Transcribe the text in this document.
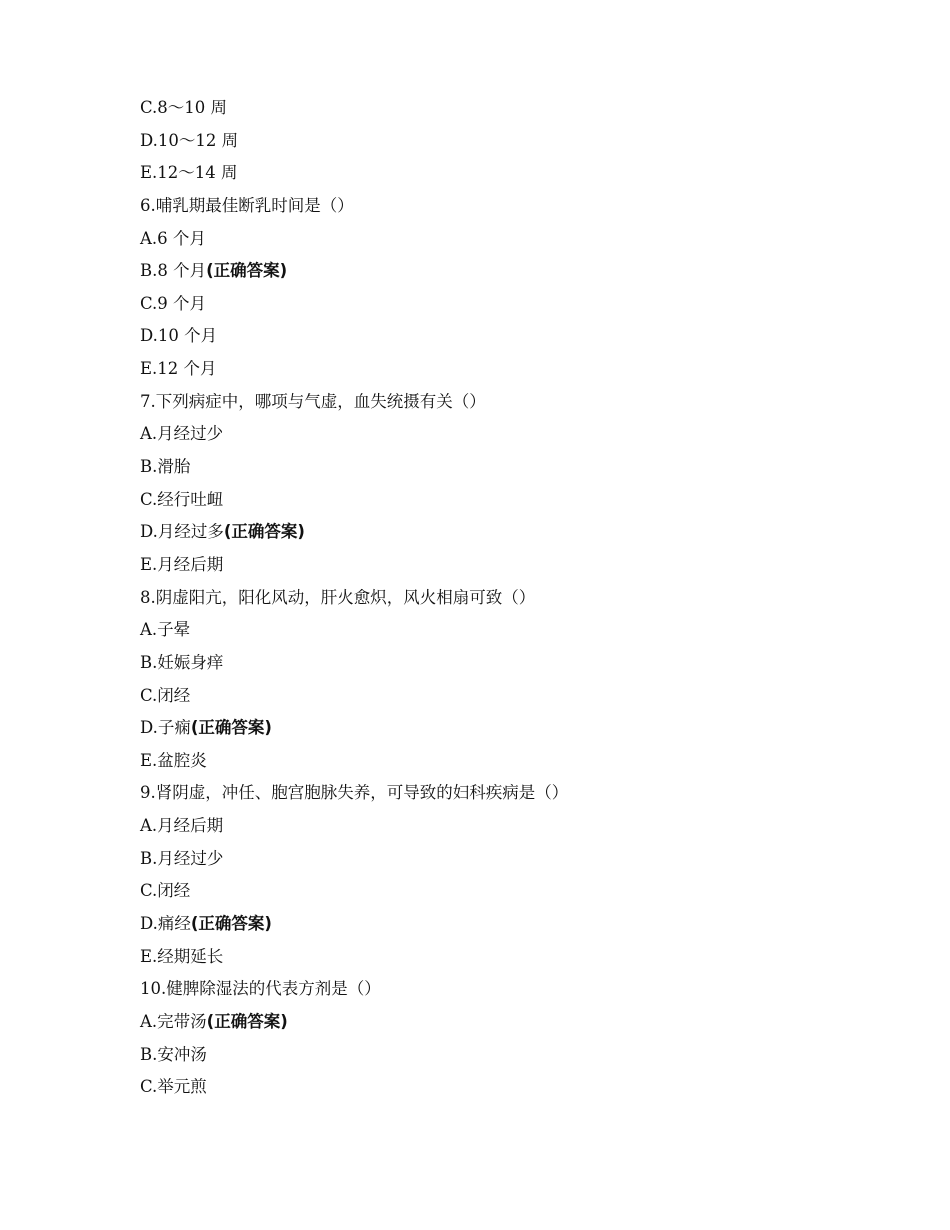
C.8～10 周
D.10～12 周
E.12～14 周
6.哺乳期最佳断乳时间是（）
A.6 个月
B.8 个月(正确答案)
C.9 个月
D.10 个月
E.12 个月
7.下列病症中，哪项与气虚，血失统摄有关（）
A.月经过少
B.滑胎
C.经行吐衄
D.月经过多(正确答案)
E.月经后期
8.阴虚阳亢，阳化风动，肝火愈炽，风火相扇可致（）
A.子晕
B.妊娠身痒
C.闭经
D.子痫(正确答案)
E.盆腔炎
9.肾阴虚，冲任、胞宫胞脉失养，可导致的妇科疾病是（）
A.月经后期
B.月经过少
C.闭经
D.痛经(正确答案)
E.经期延长
10.健脾除湿法的代表方剂是（）
A.完带汤(正确答案)
B.安冲汤
C.举元煎
